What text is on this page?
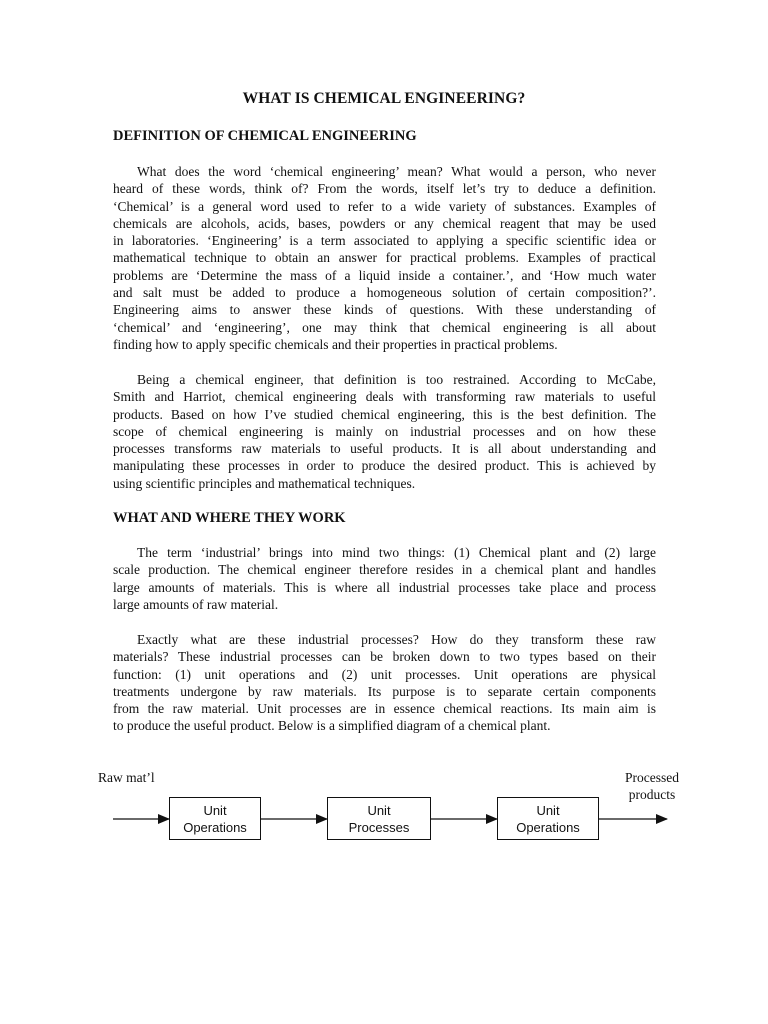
WHAT IS CHEMICAL ENGINEERING?
DEFINITION OF CHEMICAL ENGINEERING

What does the word ‘chemical engineering’ mean? What would a person, who never
heard of these words, think of? From the words, itself let’s try to deduce a definition.
‘Chemical’ is a general word used to refer to a wide variety of substances. Examples of
chemicals are alcohols, acids, bases, powders or any chemical reagent that may be used
in laboratories. ‘Engineering’ is a term associated to applying a specific scientific idea or
mathematical technique to obtain an answer for practical problems. Examples of practical
problems are ‘Determine the mass of a liquid inside a container.’, and ‘How much water
and salt must be added to produce a homogeneous solution of certain composition?’.
Engineering aims to answer these kinds of questions. With these understanding of
‘chemical’ and ‘engineering’, one may think that chemical engineering is all about
finding how to apply specific chemicals and their properties in practical problems.

Being a chemical engineer, that definition is too restrained. According to McCabe,
Smith and Harriot, chemical engineering deals with transforming raw materials to useful
products. Based on how I’ve studied chemical engineering, this is the best definition. The
scope of chemical engineering is mainly on industrial processes and on how these
processes transforms raw materials to useful products. It is all about understanding and
manipulating these processes in order to produce the desired product. This is achieved by
using scientific principles and mathematical techniques.

WHAT AND WHERE THEY WORK

The term ‘industrial’ brings into mind two things: (1) Chemical plant and (2) large
scale production. The chemical engineer therefore resides in a chemical plant and handles
large amounts of materials. This is where all industrial processes take place and process
large amounts of raw material.

Exactly what are these industrial processes? How do they transform these raw
materials? These industrial processes can be broken down to two types based on their
function: (1) unit operations and (2) unit processes. Unit operations are physical
treatments undergone by raw materials. Its purpose is to separate certain components
from the raw material. Unit processes are in essence chemical reactions. Its main aim is
to produce the useful product. Below is a simplified diagram of a chemical plant.

Raw mat’l	Processed
products
Unit
Operations
Unit
Processes
Unit
Operations
